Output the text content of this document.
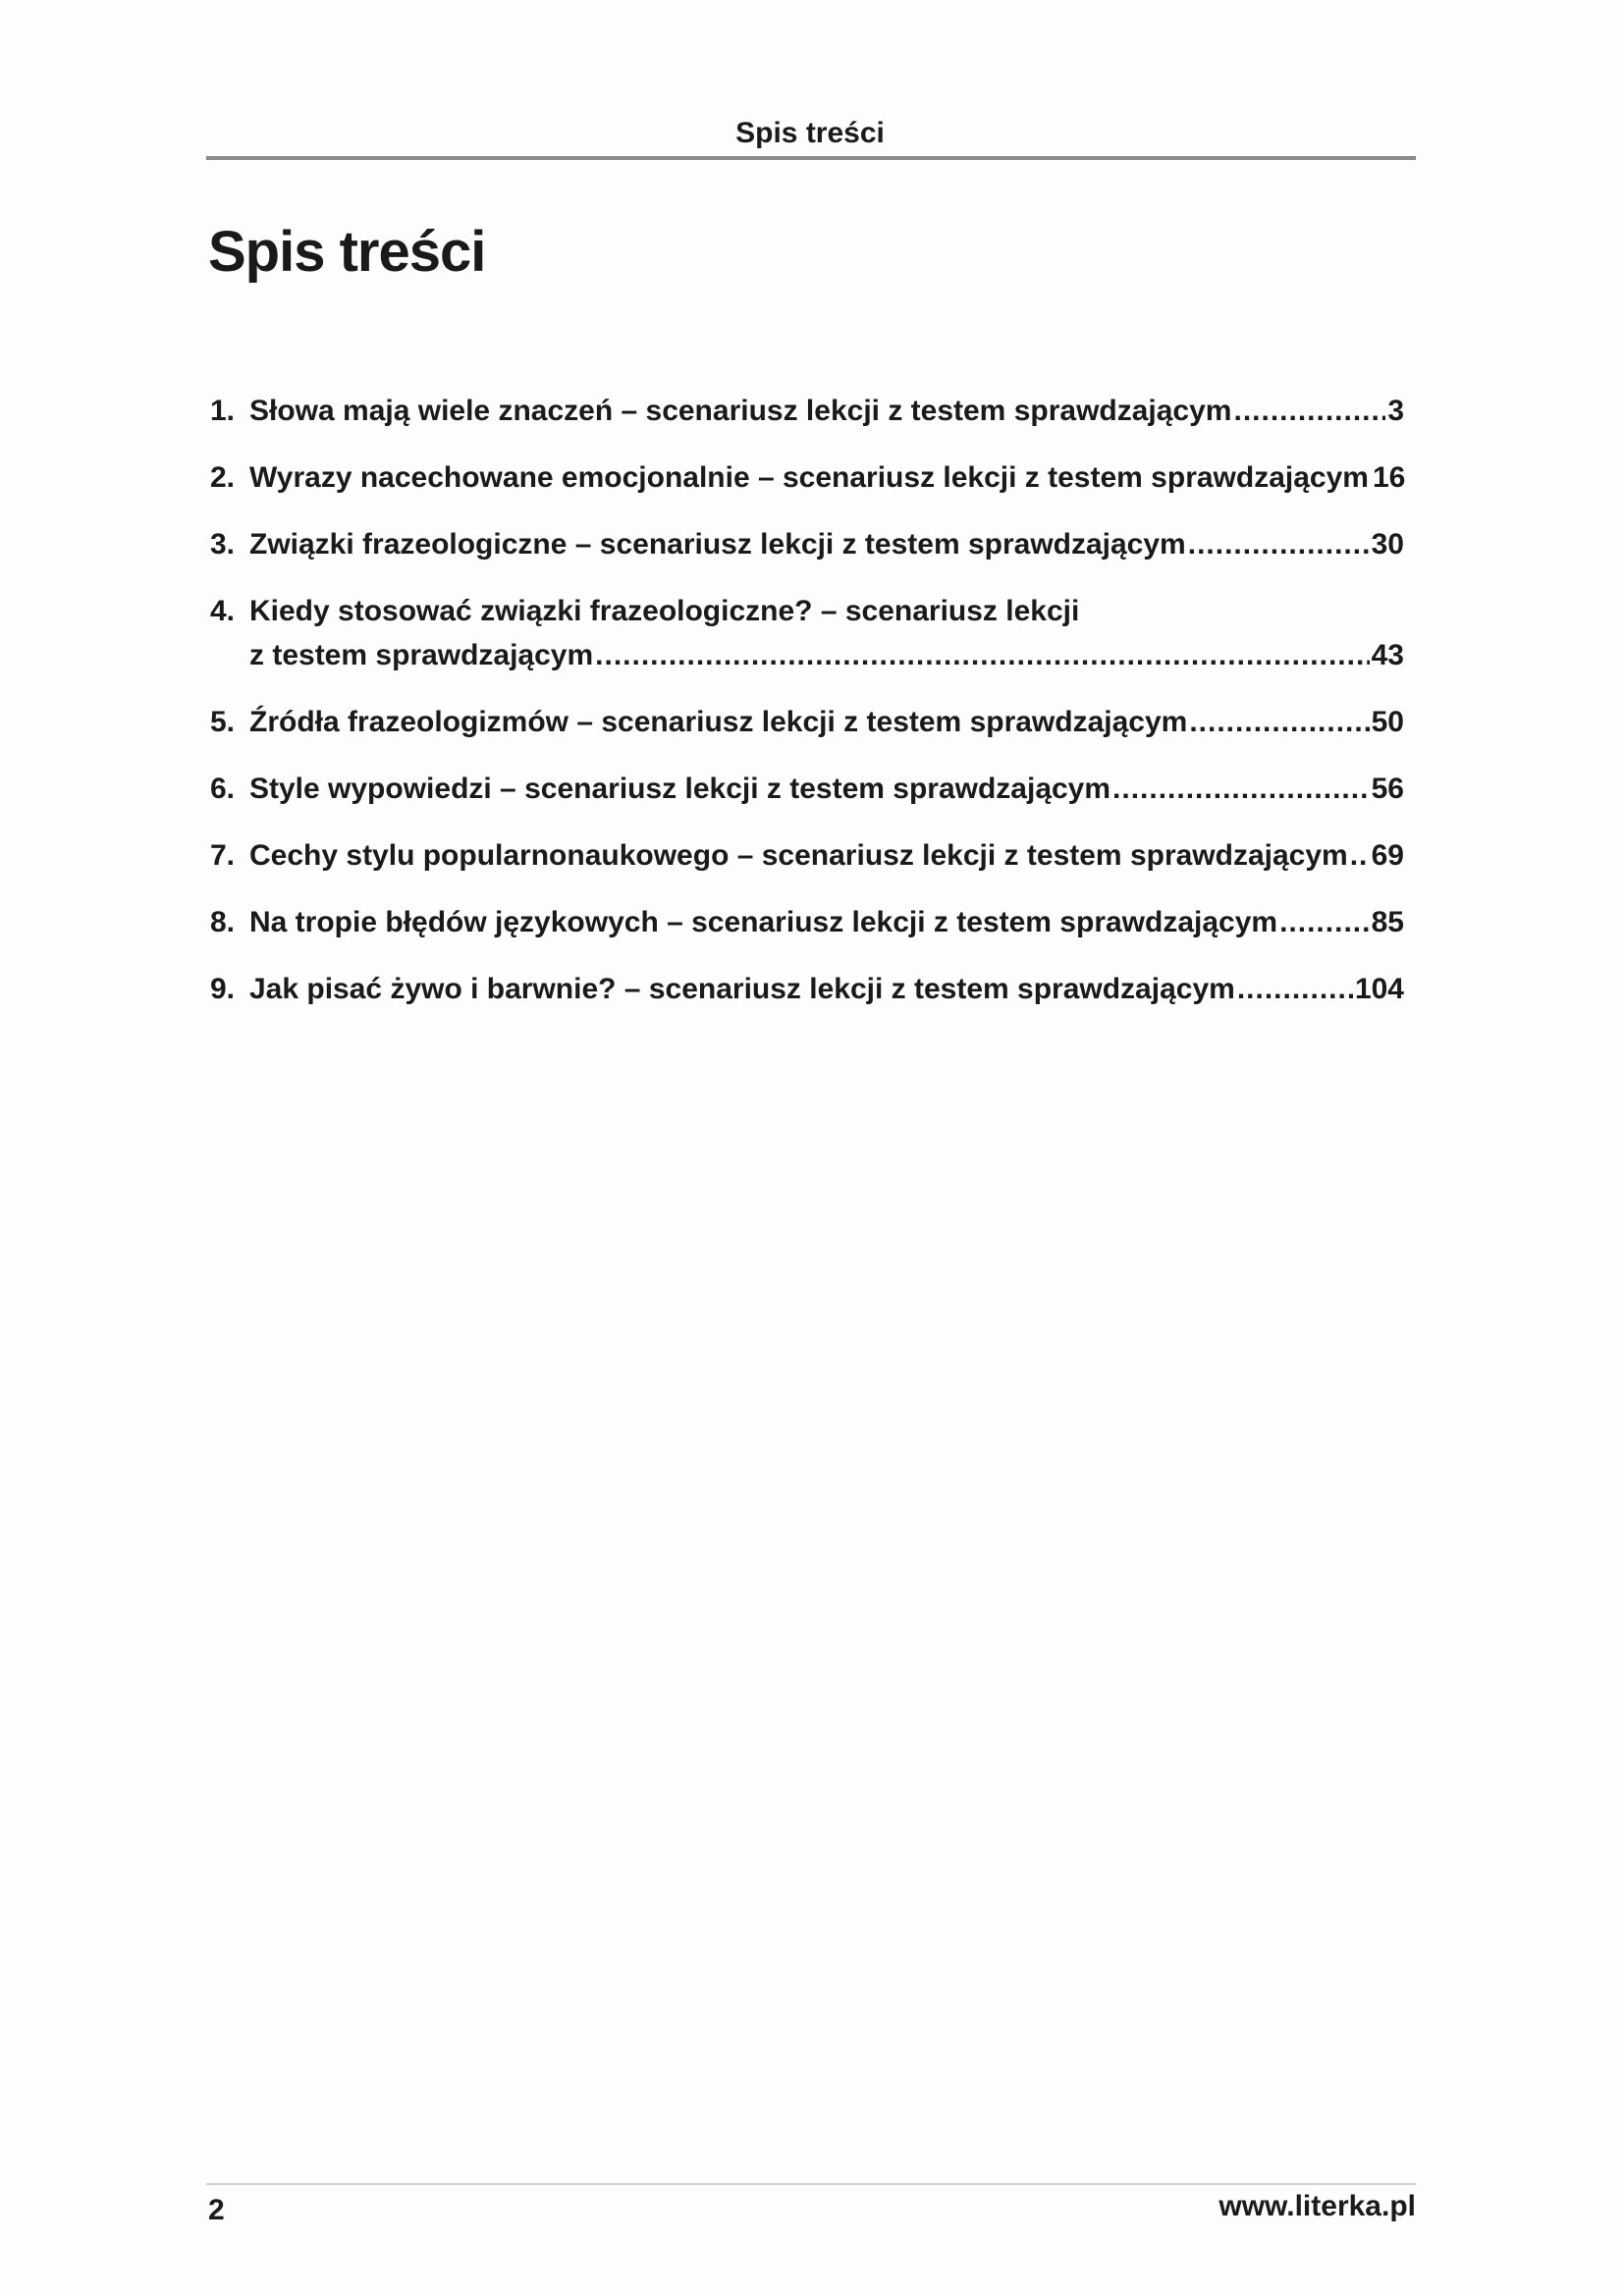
Spis treści
Spis treści
1. Słowa mają wiele znaczeń – scenariusz lekcji z testem sprawdzającym .....	3
2. Wyrazy nacechowane emocjonalnie – scenariusz lekcji z testem sprawdzającym 16
3. Związki frazeologiczne – scenariusz lekcji z testem sprawdzającym .....	30
4. Kiedy stosować związki frazeologiczne? – scenariusz lekcji
z testem sprawdzającym .....	43
5. Źródła frazeologizmów – scenariusz lekcji z testem sprawdzającym .....	50
6. Style wypowiedzi – scenariusz lekcji z testem sprawdzającym .....	56
7. Cechy stylu popularnonaukowego – scenariusz lekcji z testem sprawdzającym ..... 69
8. Na tropie błędów językowych – scenariusz lekcji z testem sprawdzającym .....	85
9. Jak pisać żywo i barwnie? – scenariusz lekcji z testem sprawdzającym .....	104
2	www.literka.pl
